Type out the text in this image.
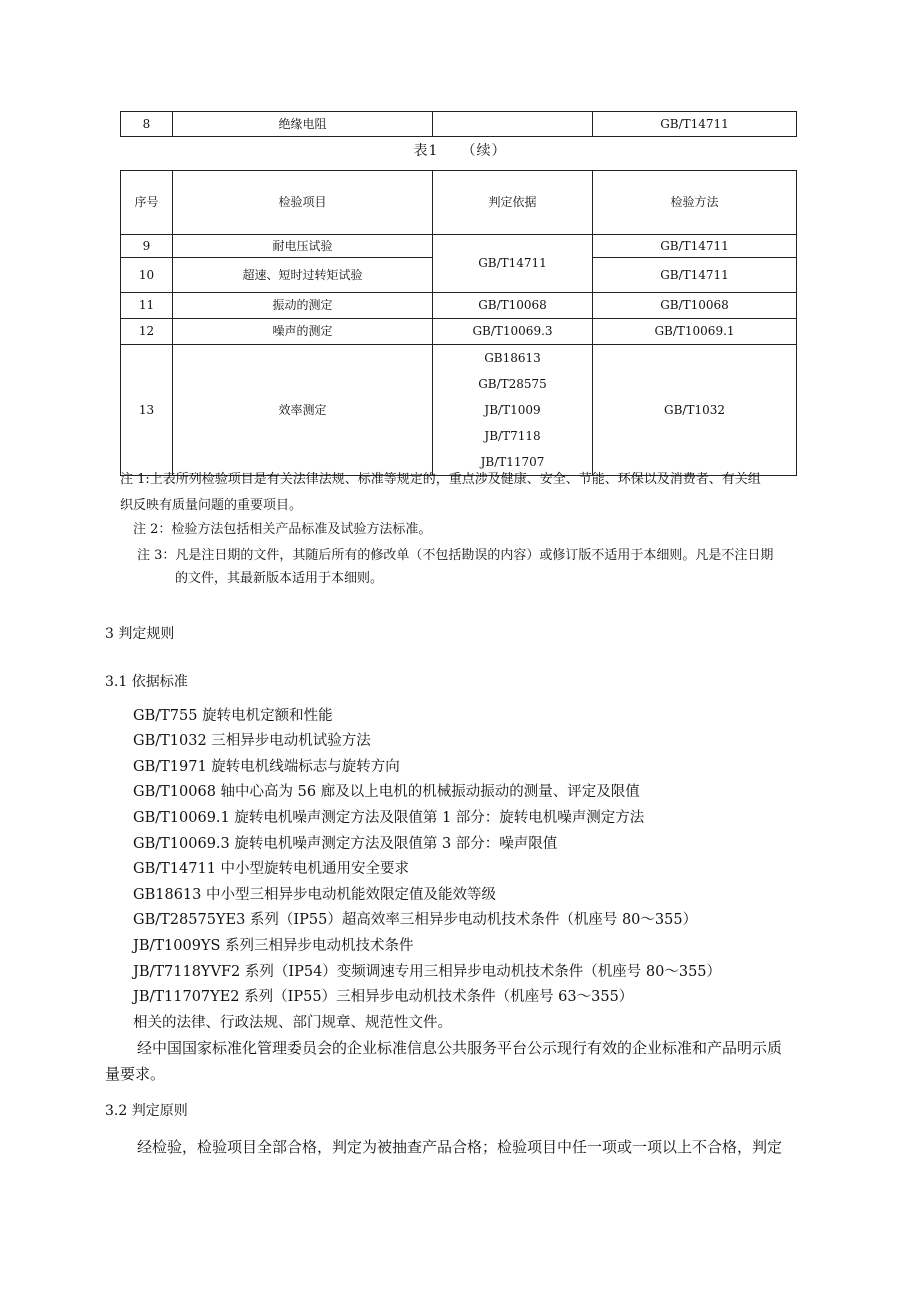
8	绝缘电阻		GB/T14711
表1　　（续）
序号	检验项目	判定依据	检验方法
9	耐电压试验	GB/T14711	GB/T14711
10	超速、短时过转矩试验		GB/T14711
11	振动的测定	GB/T10068	GB/T10068
12	噪声的测定	GB/T10069.3	GB/T10069.1
13	效率测定	GB18613
GB/T28575
JB/T1009
JB/T7118
JB/T11707	GB/T1032
注 1:上表所列检验项目是有关法律法规、标准等规定的，重点涉及健康、安全、节能、环保以及消费者、有关组
织反映有质量问题的重要项目。
注 2：检验方法包括相关产品标准及试验方法标准。
注 3：凡是注日期的文件，其随后所有的修改单（不包括勘误的内容）或修订版不适用于本细则。凡是不注日期
的文件，其最新版本适用于本细则。
3 判定规则
3.1 依据标准
GB/T755 旋转电机定额和性能
GB/T1032 三相异步电动机试验方法
GB/T1971 旋转电机线端标志与旋转方向
GB/T10068 轴中心高为 56 廊及以上电机的机械振动振动的测量、评定及限值
GB/T10069.1 旋转电机噪声测定方法及限值第 1 部分：旋转电机噪声测定方法
GB/T10069.3 旋转电机噪声测定方法及限值第 3 部分：噪声限值
GB/T14711 中小型旋转电机通用安全要求
GB18613 中小型三相异步电动机能效限定值及能效等级
GB/T28575YE3 系列（IP55）超高效率三相异步电动机技术条件（机座号 80～355）
JB/T1009YS 系列三相异步电动机技术条件
JB/T7118YVF2 系列（IP54）变频调速专用三相异步电动机技术条件（机座号 80～355）
JB/T11707YE2 系列（IP55）三相异步电动机技术条件（机座号 63～355）
相关的法律、行政法规、部门规章、规范性文件。
经中国国家标准化管理委员会的企业标准信息公共服务平台公示现行有效的企业标准和产品明示质
量要求。
3.2 判定原则
经检验，检验项目全部合格，判定为被抽查产品合格；检验项目中任一项或一项以上不合格，判定
